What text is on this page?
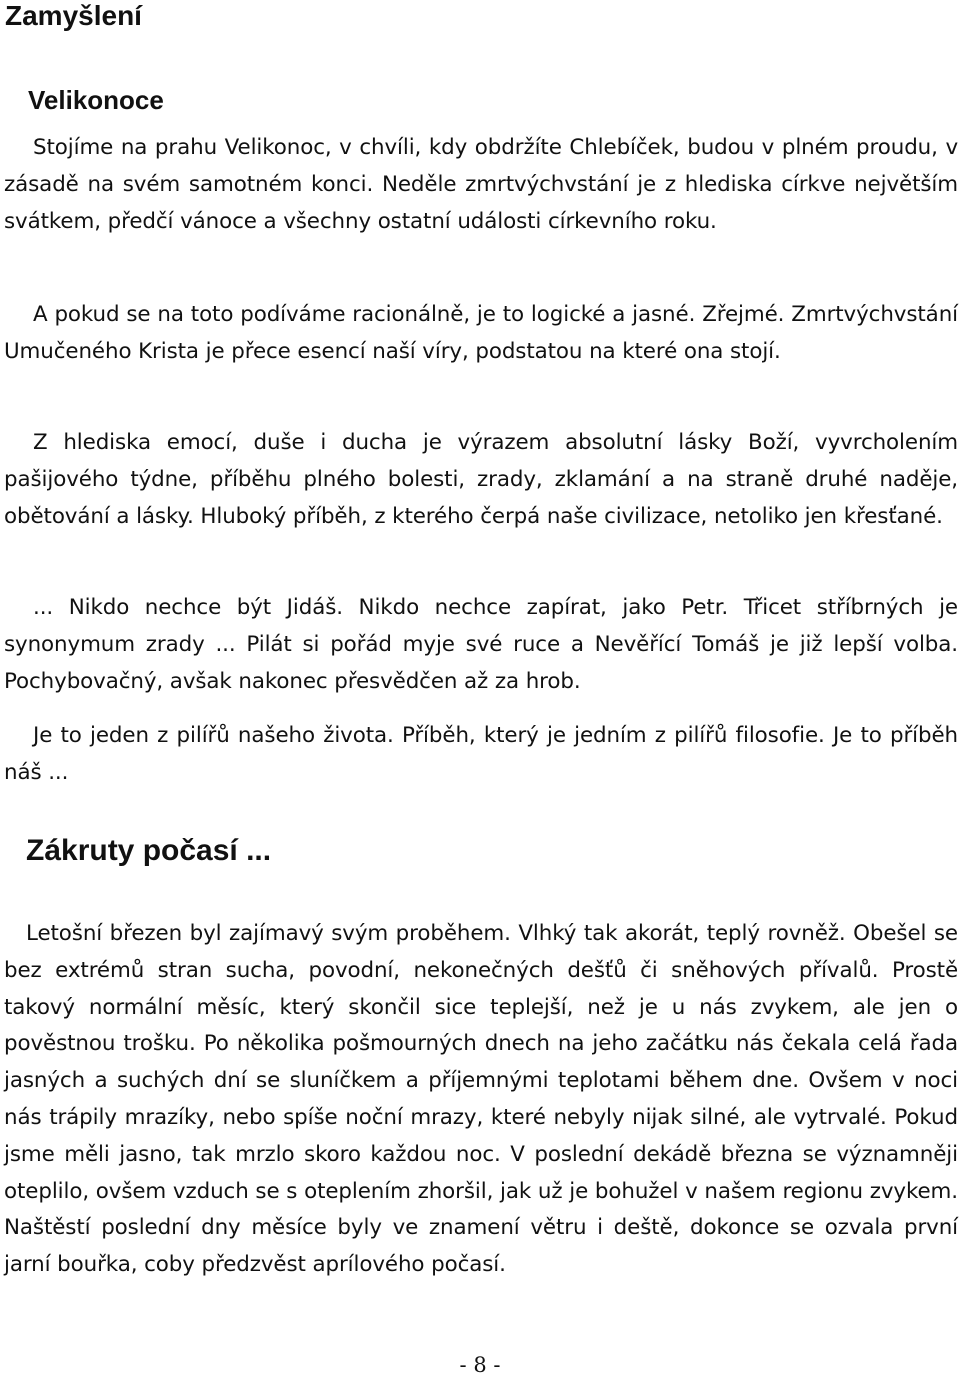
Zamyšlení
Velikonoce

Stojíme na prahu Velikonoc, v chvíli, kdy obdržíte Chlebíček, budou v plném proudu, v zásadě na svém samotném konci. Neděle zmrtvýchvstání je z hlediska církve největším svátkem, předčí vánoce a všechny ostatní události církevního roku.

A pokud se na toto podíváme racionálně, je to logické a jasné. Zřejmé. Zmrtvýchvstání Umučeného Krista je přece esencí naší víry, podstatou na které ona stojí.

Z hlediska emocí, duše i ducha je výrazem absolutní lásky Boží, vyvrcholením pašijového týdne, příběhu plného bolesti, zrady, zklamání a na straně druhé naděje, obětování a lásky. Hluboký příběh, z kterého čerpá naše civilizace, netoliko jen křesťané.

... Nikdo nechce být Jidáš. Nikdo nechce zapírat, jako Petr. Třicet stříbrných je synonymum zrady ... Pilát si pořád myje své ruce a Nevěřící Tomáš je již lepší volba. Pochybovačný, avšak nakonec přesvědčen až za hrob.

Je to jeden z pilířů našeho života. Příběh, který je jedním z pilířů filosofie. Je to příběh náš ...

Zákruty počasí ...

Letošní březen byl zajímavý svým proběhem. Vlhký tak akorát, teplý rovněž. Obešel se bez extrémů stran sucha, povodní, nekonečných dešťů či sněhových přívalů. Prostě takový normální měsíc, který skončil sice teplejší, než je u nás zvykem, ale jen o pověstnou trošku. Po několika pošmourných dnech na jeho začátku nás čekala celá řada jasných a suchých dní se sluníčkem a příjemnými teplotami během dne. Ovšem v noci nás trápily mrazíky, nebo spíše noční mrazy, které nebyly nijak silné, ale vytrvalé. Pokud jsme měli jasno, tak mrzlo skoro každou noc. V poslední dekádě března se významněji oteplilo, ovšem vzduch se s oteplením zhoršil, jak už je bohužel v našem regionu zvykem. Naštěstí poslední dny měsíce byly ve znamení větru i deště, dokonce se ozvala první jarní bouřka, coby předzvěst aprílového počasí.

- 8 -
